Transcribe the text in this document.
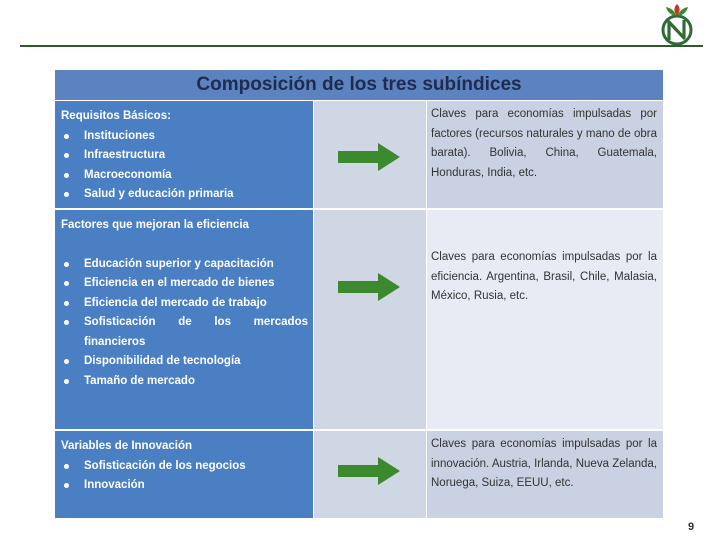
Composición de los tres subíndices
Requisitos Básicos:
Instituciones
Infraestructura
Macroeconomía
Salud y educación primaria
Claves para economías impulsadas por factores (recursos naturales y mano de obra barata). Bolivia, China, Guatemala, Honduras, India, etc.
Factores que mejoran la eficiencia
Educación superior y capacitación
Eficiencia en el mercado de bienes
Eficiencia del mercado de trabajo
Sofisticación de los mercados financieros
Disponibilidad de tecnología
Tamaño de mercado
Claves para economías impulsadas por la eficiencia. Argentina, Brasil, Chile, Malasia, México, Rusia, etc.
Variables de Innovación
Sofisticación de los negocios
Innovación
Claves para economías impulsadas por la innovación. Austria, Irlanda, Nueva Zelanda, Noruega, Suiza, EEUU, etc.
9
